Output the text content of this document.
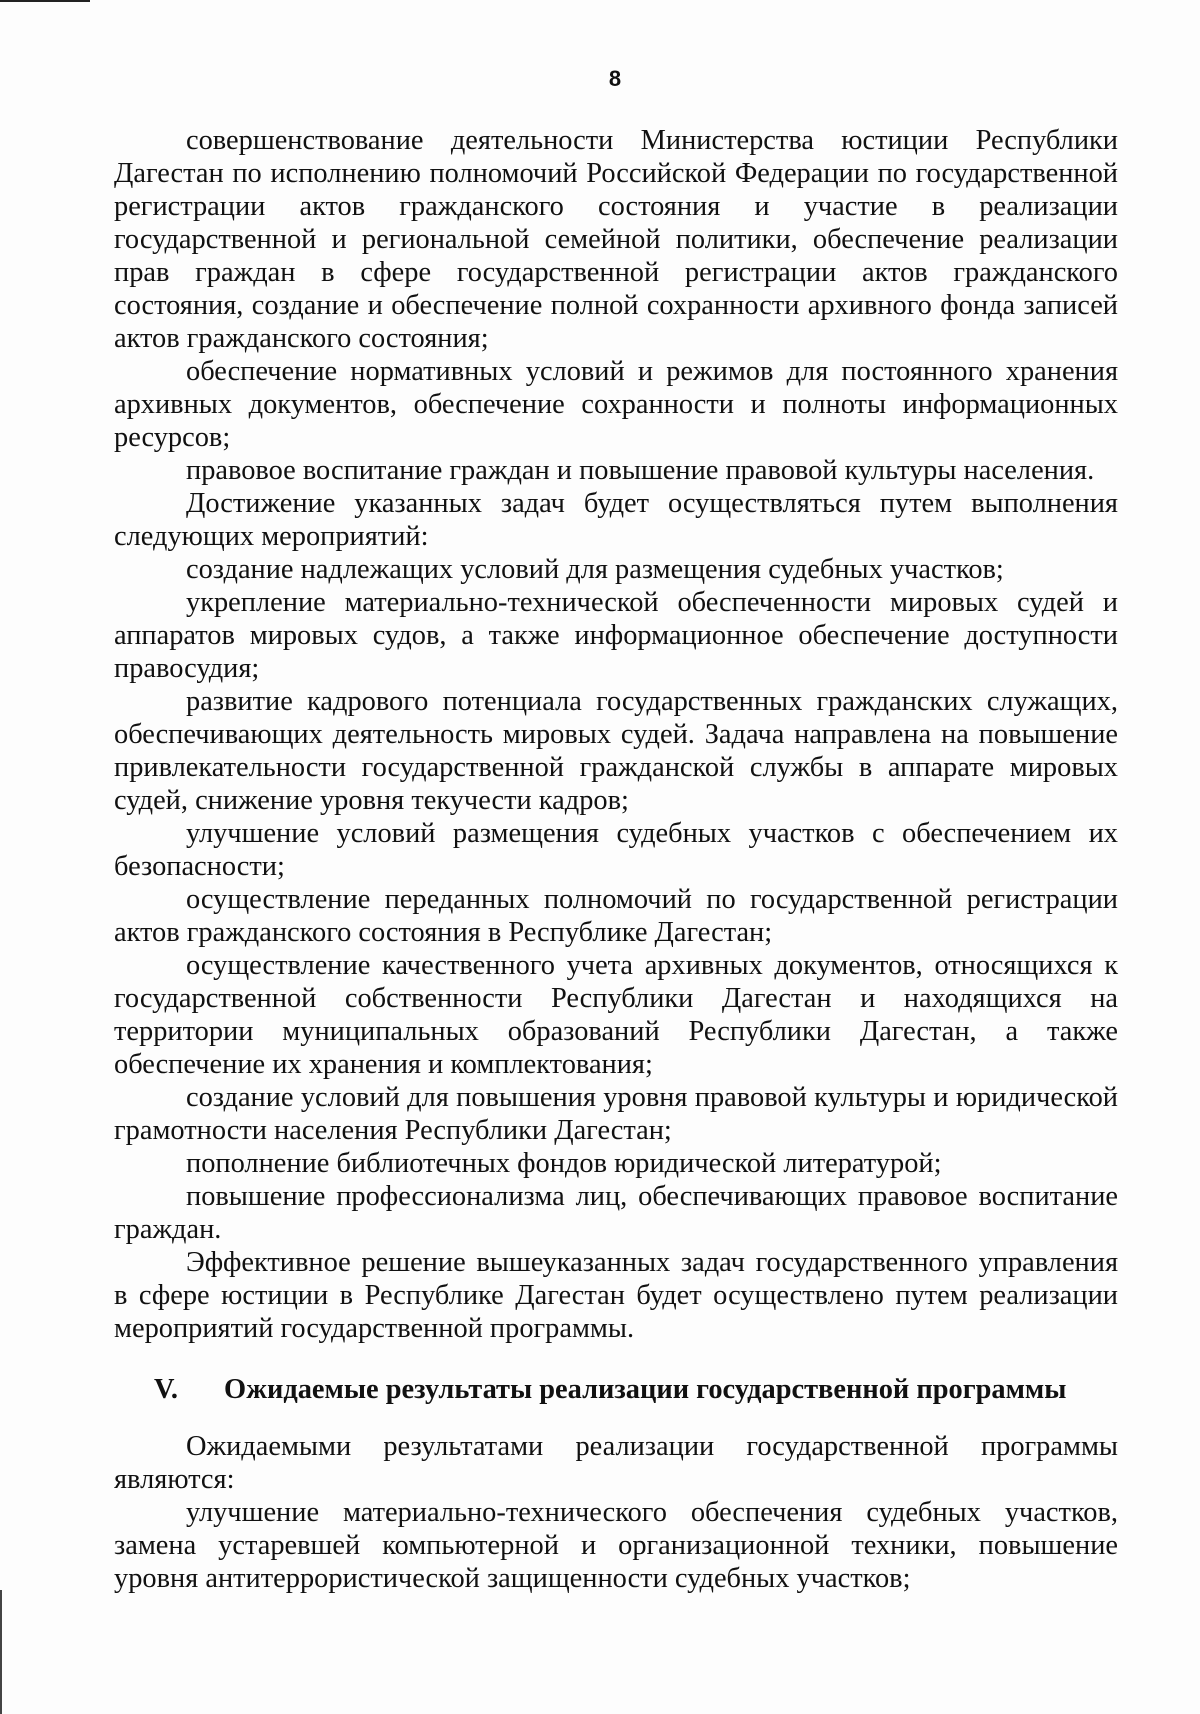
8

совершенствование деятельности Министерства юстиции Республики Дагестан по исполнению полномочий Российской Федерации по государственной регистрации актов гражданского состояния и участие в реализации государственной и региональной семейной политики, обеспечение реализации прав граждан в сфере государственной регистрации актов гражданского состояния, создание и обеспечение полной сохранности архивного фонда записей актов гражданского состояния;

обеспечение нормативных условий и режимов для постоянного хранения архивных документов, обеспечение сохранности и полноты информационных ресурсов;

правовое воспитание граждан и повышение правовой культуры населения.

Достижение указанных задач будет осуществляться путем выполнения следующих мероприятий:

создание надлежащих условий для размещения судебных участков;

укрепление материально-технической обеспеченности мировых судей и аппаратов мировых судов, а также информационное обеспечение доступности правосудия;

развитие кадрового потенциала государственных гражданских служащих, обеспечивающих деятельность мировых судей. Задача направлена на повышение привлекательности государственной гражданской службы в аппарате мировых судей, снижение уровня текучести кадров;

улучшение условий размещения судебных участков с обеспечением их безопасности;

осуществление переданных полномочий по государственной регистрации актов гражданского состояния в Республике Дагестан;

осуществление качественного учета архивных документов, относящихся к государственной собственности Республики Дагестан и находящихся на территории муниципальных образований Республики Дагестан, а также обеспечение их хранения и комплектования;

создание условий для повышения уровня правовой культуры и юридической грамотности населения Республики Дагестан;

пополнение библиотечных фондов юридической литературой;

повышение профессионализма лиц, обеспечивающих правовое воспитание граждан.

Эффективное решение вышеуказанных задач государственного управления в сфере юстиции в Республике Дагестан будет осуществлено путем реализации мероприятий государственной программы.

V. Ожидаемые результаты реализации государственной программы

Ожидаемыми результатами реализации государственной программы являются:

улучшение материально-технического обеспечения судебных участков, замена устаревшей компьютерной и организационной техники, повышение уровня антитеррористической защищенности судебных участков;
